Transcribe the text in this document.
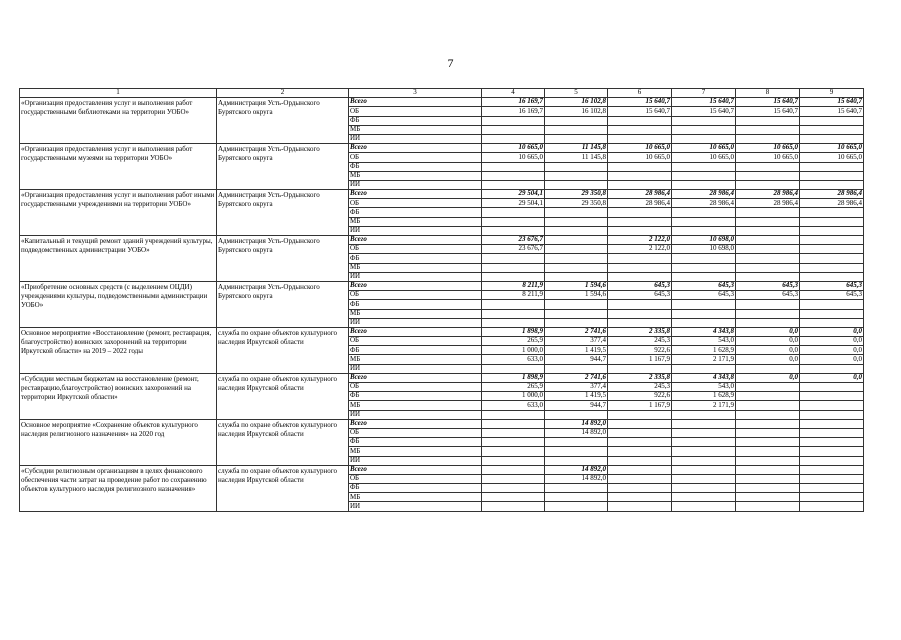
7
1	2	3	4	5	6	7	8	9
«Организация предоставления услуг и выполнения работ государственными библиотеками на территории УОБО»	Администрация Усть-Ордынского Бурятского округа	Всего	16 169,7	16 102,8	15 640,7	15 640,7	15 640,7	15 640,7
		ОБ	16 169,7	16 102,8	15 640,7	15 640,7	15 640,7	15 640,7
		ФБ						
		МБ						
		ИИ						
«Организация предоставления услуг и выполнения работ государственными музеями на территории УОБО»	Администрация Усть-Ордынского Бурятского округа	Всего	10 665,0	11 145,8	10 665,0	10 665,0	10 665,0	10 665,0
		ОБ	10 665,0	11 145,8	10 665,0	10 665,0	10 665,0	10 665,0
		ФБ						
		МБ						
		ИИ						
«Организация предоставления услуг и выполнения работ иными государственными учреждениями на территории УОБО»	Администрация Усть-Ордынского Бурятского округа	Всего	29 504,1	29 350,8	28 986,4	28 986,4	28 986,4	28 986,4
		ОБ	29 504,1	29 350,8	28 986,4	28 986,4	28 986,4	28 986,4
		ФБ						
		МБ						
		ИИ						
«Капитальный и текущий ремонт зданий учреждений культуры, подведомственных администрации УОБО»	Администрация Усть-Ордынского Бурятского округа	Всего	23 676,7		2 122,0	10 698,0		
		ОБ	23 676,7		2 122,0	10 698,0		
		ФБ						
		МБ						
		ИИ						
«Приобретение основных средств (с выделением ОЦДИ) учреждениями культуры, подведомственными администрации УОБО»	Администрация Усть-Ордынского Бурятского округа	Всего	8 211,9	1 594,6	645,3	645,3	645,3	645,3
		ОБ	8 211,9	1 594,6	645,3	645,3	645,3	645,3
		ФБ						
		МБ						
		ИИ						
Основное мероприятие «Восстановление (ремонт, реставрация, благоустройство) воинских захоронений на территории Иркутской области» на 2019 – 2022 годы	служба по охране объектов культурного наследия Иркутской области	Всего	1 898,9	2 741,6	2 335,8	4 343,8	0,0	0,0
		ОБ	265,9	377,4	245,3	543,0	0,0	0,0
		ФБ	1 000,0	1 419,5	922,6	1 628,9	0,0	0,0
		МБ	633,0	944,7	1 167,9	2 171,9	0,0	0,0
		ИИ						
«Субсидии местным бюджетам на восстановление (ремонт, реставрацию,благоустройство) воинских захоронений на территории Иркутской области»	служба по охране объектов культурного наследия Иркутской области	Всего	1 898,9	2 741,6	2 335,8	4 343,8	0,0	0,0
		ОБ	265,9	377,4	245,3	543,0		
		ФБ	1 000,0	1 419,5	922,6	1 628,9		
		МБ	633,0	944,7	1 167,9	2 171,9		
		ИИ						
Основное мероприятие «Сохранение объектов культурного наследия религиозного назначения» на 2020 год	служба по охране объектов культурного наследия Иркутской области	Всего		14 892,0				
		ОБ		14 892,0				
		ФБ						
		МБ						
		ИИ						
«Субсидии религиозным организациям в целях финансового обеспечения части затрат на проведение работ по сохранению объектов культурного наследия религиозного назначения»	служба по охране объектов культурного наследия Иркутской области	Всего		14 892,0				
		ОБ		14 892,0				
		ФБ						
		МБ						
		ИИ						
